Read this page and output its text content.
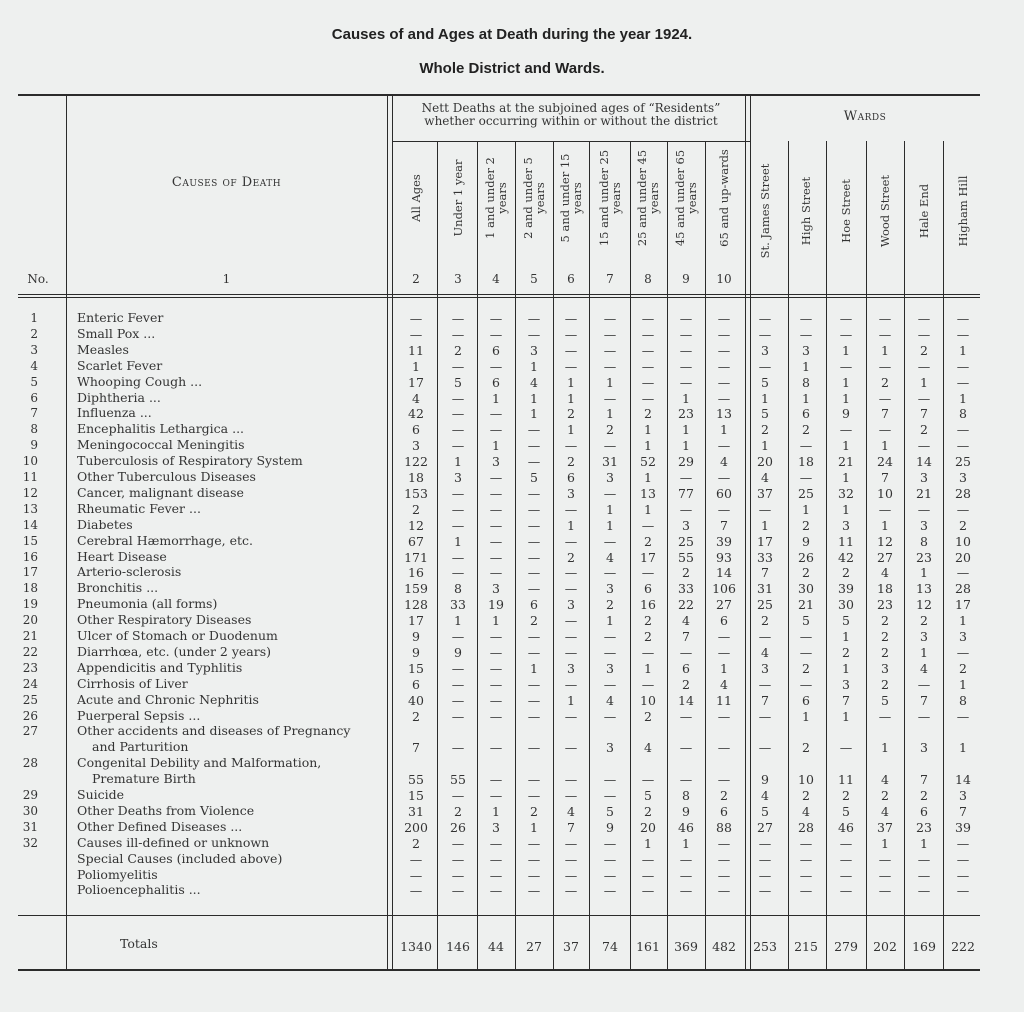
Causes of and Ages at Death during the year 1924.
Whole District and Wards.
Causes of Death
No.	1
Nett Deaths at the subjoined ages of “Residents” whether occurring within or without the district	Wards
All Ages
2
Under 1 year
3
1 and under 2 years
4
2 and under 5 years
5
5 and under 15 years
6
15 and under 25 years
7
25 and under 45 years
8
45 and under 65 years
9
65 and up-wards
10
St. James Street	High Street	Hoe Street	Wood Street	Hale End	Higham Hill
1	Enteric Fever	—	—	—	—	—	—	—	—	—	—	—	—	—	—	—
2	Small Pox ...	—	—	—	—	—	—	—	—	—	—	—	—	—	—	—
3	Measles	11	2	6	3	—	—	—	—	—	3	3	1	1	2	1
4	Scarlet Fever	1	—	—	1	—	—	—	—	—	—	1	—	—	—	—
5	Whooping Cough ...	17	5	6	4	1	1	—	—	—	5	8	1	2	1	—
6	Diphtheria ...	4	—	1	1	1	—	—	1	—	1	1	1	—	—	1
7	Influenza ...	42	—	—	1	2	1	2	23	13	5	6	9	7	7	8
8	Encephalitis Lethargica ...	6	—	—	—	1	2	1	1	1	2	2	—	—	2	—
9	Meningococcal Meningitis	3	—	1	—	—	—	1	1	—	1	—	1	1	—	—
10	Tuberculosis of Respiratory System	122	1	3	—	2	31	52	29	4	20	18	21	24	14	25
11	Other Tuberculous Diseases	18	3	—	5	6	3	1	—	—	4	—	1	7	3	3
12	Cancer, malignant disease	153	—	—	—	3	—	13	77	60	37	25	32	10	21	28
13	Rheumatic Fever ...	2	—	—	—	—	1	1	—	—	—	1	1	—	—	—
14	Diabetes	12	—	—	—	1	1	—	3	7	1	2	3	1	3	2
15	Cerebral Hæmorrhage, etc.	67	1	—	—	—	—	2	25	39	17	9	11	12	8	10
16	Heart Disease	171	—	—	—	2	4	17	55	93	33	26	42	27	23	20
17	Arterio-sclerosis	16	—	—	—	—	—	—	2	14	7	2	2	4	1	—
18	Bronchitis ...	159	8	3	—	—	3	6	33	106	31	30	39	18	13	28
19	Pneumonia (all forms)	128	33	19	6	3	2	16	22	27	25	21	30	23	12	17
20	Other Respiratory Diseases	17	1	1	2	—	1	2	4	6	2	5	5	2	2	1
21	Ulcer of Stomach or Duodenum	9	—	—	—	—	—	2	7	—	—	—	1	2	3	3
22	Diarrhœa, etc. (under 2 years)	9	9	—	—	—	—	—	—	—	4	—	2	2	1	—
23	Appendicitis and Typhlitis	15	—	—	1	3	3	1	6	1	3	2	1	3	4	2
24	Cirrhosis of Liver	6	—	—	—	—	—	—	2	4	—	—	3	2	—	1
25	Acute and Chronic Nephritis	40	—	—	—	1	4	10	14	11	7	6	7	5	7	8
26	Puerperal Sepsis ...	2	—	—	—	—	—	2	—	—	—	1	1	—	—	—
27	Other accidents and diseases of Pregnancy
and Parturition	7	—	—	—	—	3	4	—	—	—	2	—	1	3	1
28	Congenital Debility and Malformation,
Premature Birth	55	55	—	—	—	—	—	—	—	9	10	11	4	7	14
29	Suicide	15	—	—	—	—	—	5	8	2	4	2	2	2	2	3
30	Other Deaths from Violence	31	2	1	2	4	5	2	9	6	5	4	5	4	6	7
31	Other Defined Diseases ...	200	26	3	1	7	9	20	46	88	27	28	46	37	23	39
32	Causes ill-defined or unknown	2	—	—	—	—	—	1	1	—	—	—	—	1	1	—
Special Causes (included above)	—	—	—	—	—	—	—	—	—	—	—	—	—	—	—
Poliomyelitis	—	—	—	—	—	—	—	—	—	—	—	—	—	—	—
Polioencephalitis ...	—	—	—	—	—	—	—	—	—	—	—	—	—	—	—
Totals	1340	146	44	27	37	74	161	369	482	253	215	279	202	169	222
